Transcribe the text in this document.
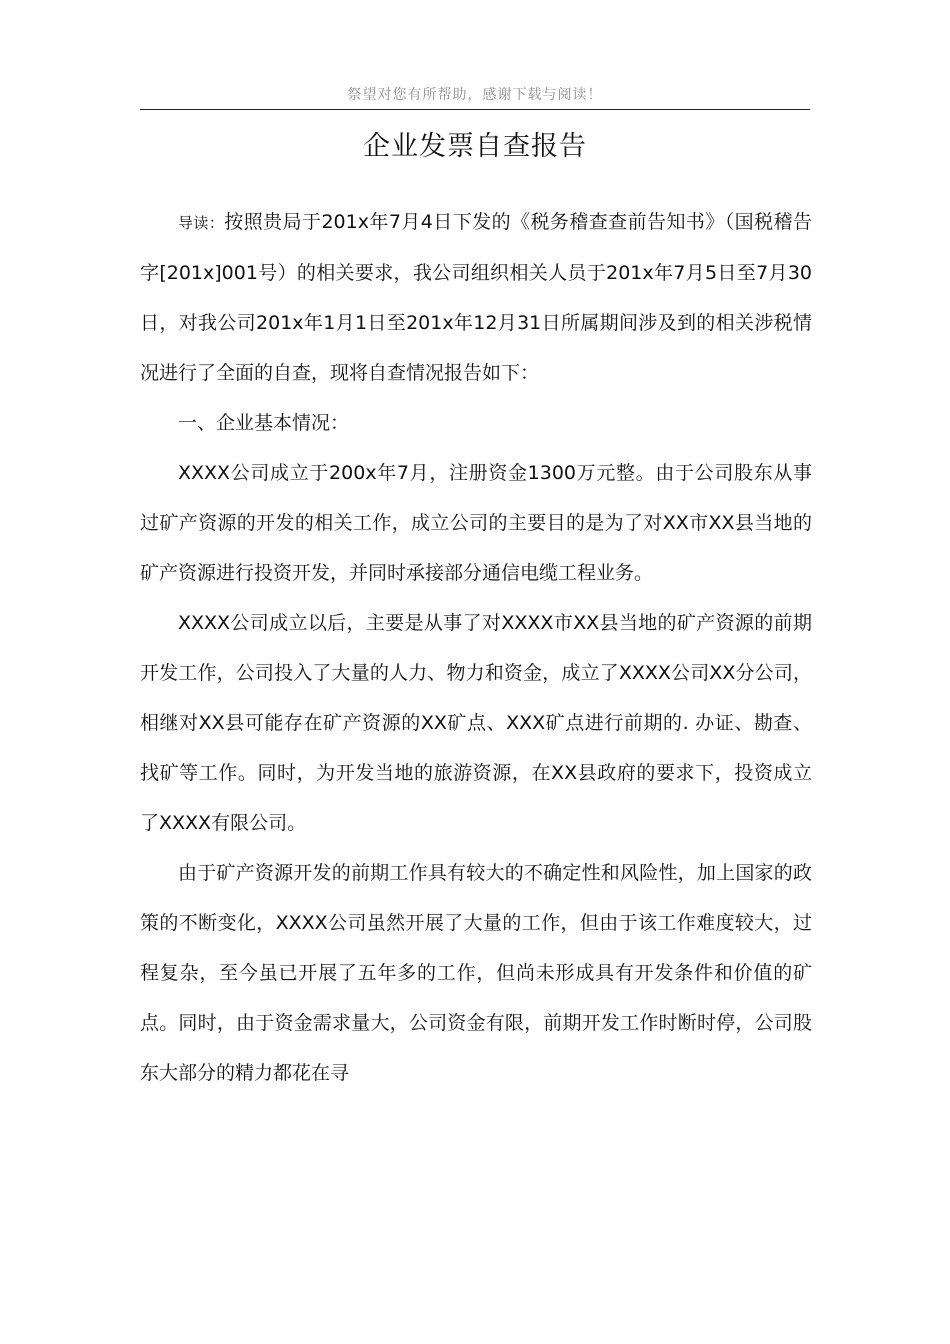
祭望对您有所帮助，感谢下载与阅读！
企业发票自查报告

导读：按照贵局于201x年7月4日下发的《税务稽查查前告知书》（国税稽告字[201x]001号）的相关要求，我公司组织相关人员于201x年7月5日至7月30日，对我公司201x年1月1日至201x年12月31日所属期间涉及到的相关涉税情况进行了全面的自查，现将自查情况报告如下：

一、企业基本情况：

XXXX公司成立于200x年7月，注册资金1300万元整。由于公司股东从事过矿产资源的开发的相关工作，成立公司的主要目的是为了对XX市XX县当地的矿产资源进行投资开发，并同时承接部分通信电缆工程业务。

XXXX公司成立以后，主要是从事了对XXXX市XX县当地的矿产资源的前期开发工作，公司投入了大量的人力、物力和资金，成立了XXXX公司XX分公司，相继对XX县可能存在矿产资源的XX矿点、XXX矿点进行前期的. 办证、勘查、找矿等工作。同时，为开发当地的旅游资源，在XX县政府的要求下，投资成立了XXXX有限公司。

由于矿产资源开发的前期工作具有较大的不确定性和风险性，加上国家的政策的不断变化，XXXX公司虽然开展了大量的工作，但由于该工作难度较大，过程复杂，至今虽已开展了五年多的工作，但尚未形成具有开发条件和价值的矿点。同时，由于资金需求量大，公司资金有限，前期开发工作时断时停，公司股东大部分的精力都花在寻
